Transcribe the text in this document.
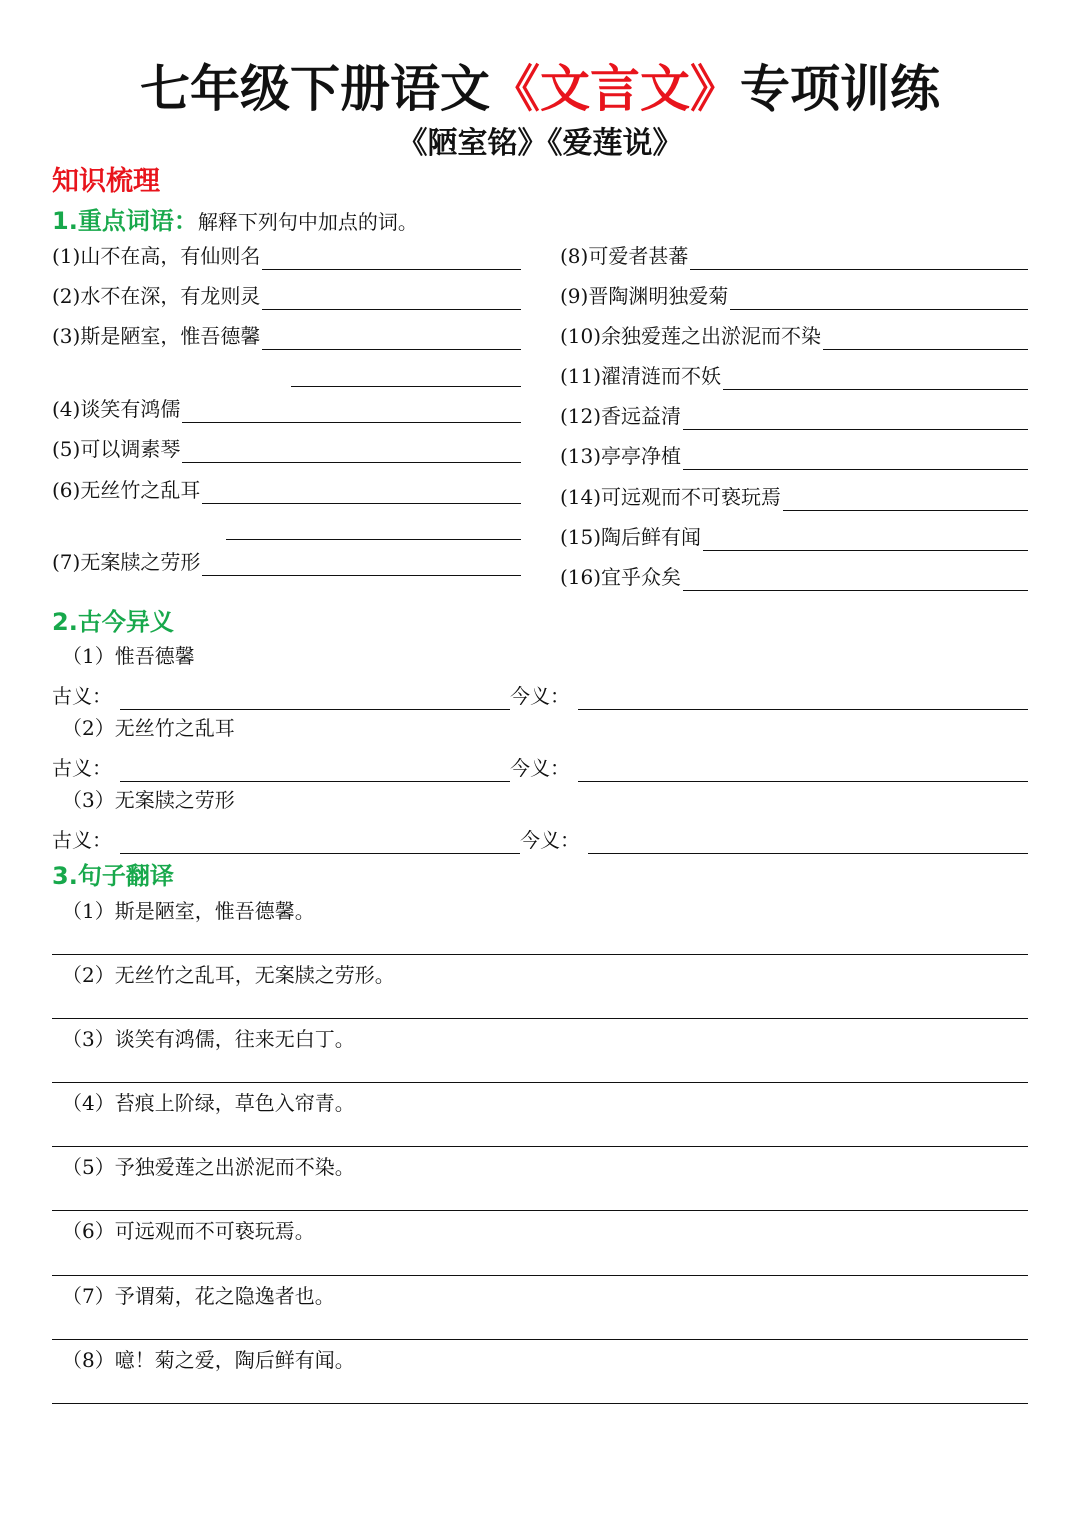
七年级下册语文《文言文》专项训练
《陋室铭》《爱莲说》
知识梳理
1.重点词语：解释下列句中加点的词。
(1)山不在高，有仙则名
(2)水不在深，有龙则灵
(3)斯是陋室，惟吾德馨
(4)谈笑有鸿儒
(5)可以调素琴
(6)无丝竹之乱耳
(7)无案牍之劳形
(8)可爱者甚蕃
(9)晋陶渊明独爱菊
(10)余独爱莲之出淤泥而不染
(11)濯清涟而不妖
(12)香远益清
(13)亭亭净植
(14)可远观而不可亵玩焉
(15)陶后鲜有闻
(16)宜乎众矣
2.古今异义
（1）惟吾德馨
古义：	今义：
（2）无丝竹之乱耳
古义：	今义：
（3）无案牍之劳形
古义：	今义：
3.句子翻译
（1）斯是陋室，惟吾德馨。
（2）无丝竹之乱耳，无案牍之劳形。
（3）谈笑有鸿儒，往来无白丁。
（4）苔痕上阶绿，草色入帘青。
（5）予独爱莲之出淤泥而不染。
（6）可远观而不可亵玩焉。
（7）予谓菊，花之隐逸者也。
（8）噫！菊之爱，陶后鲜有闻。
